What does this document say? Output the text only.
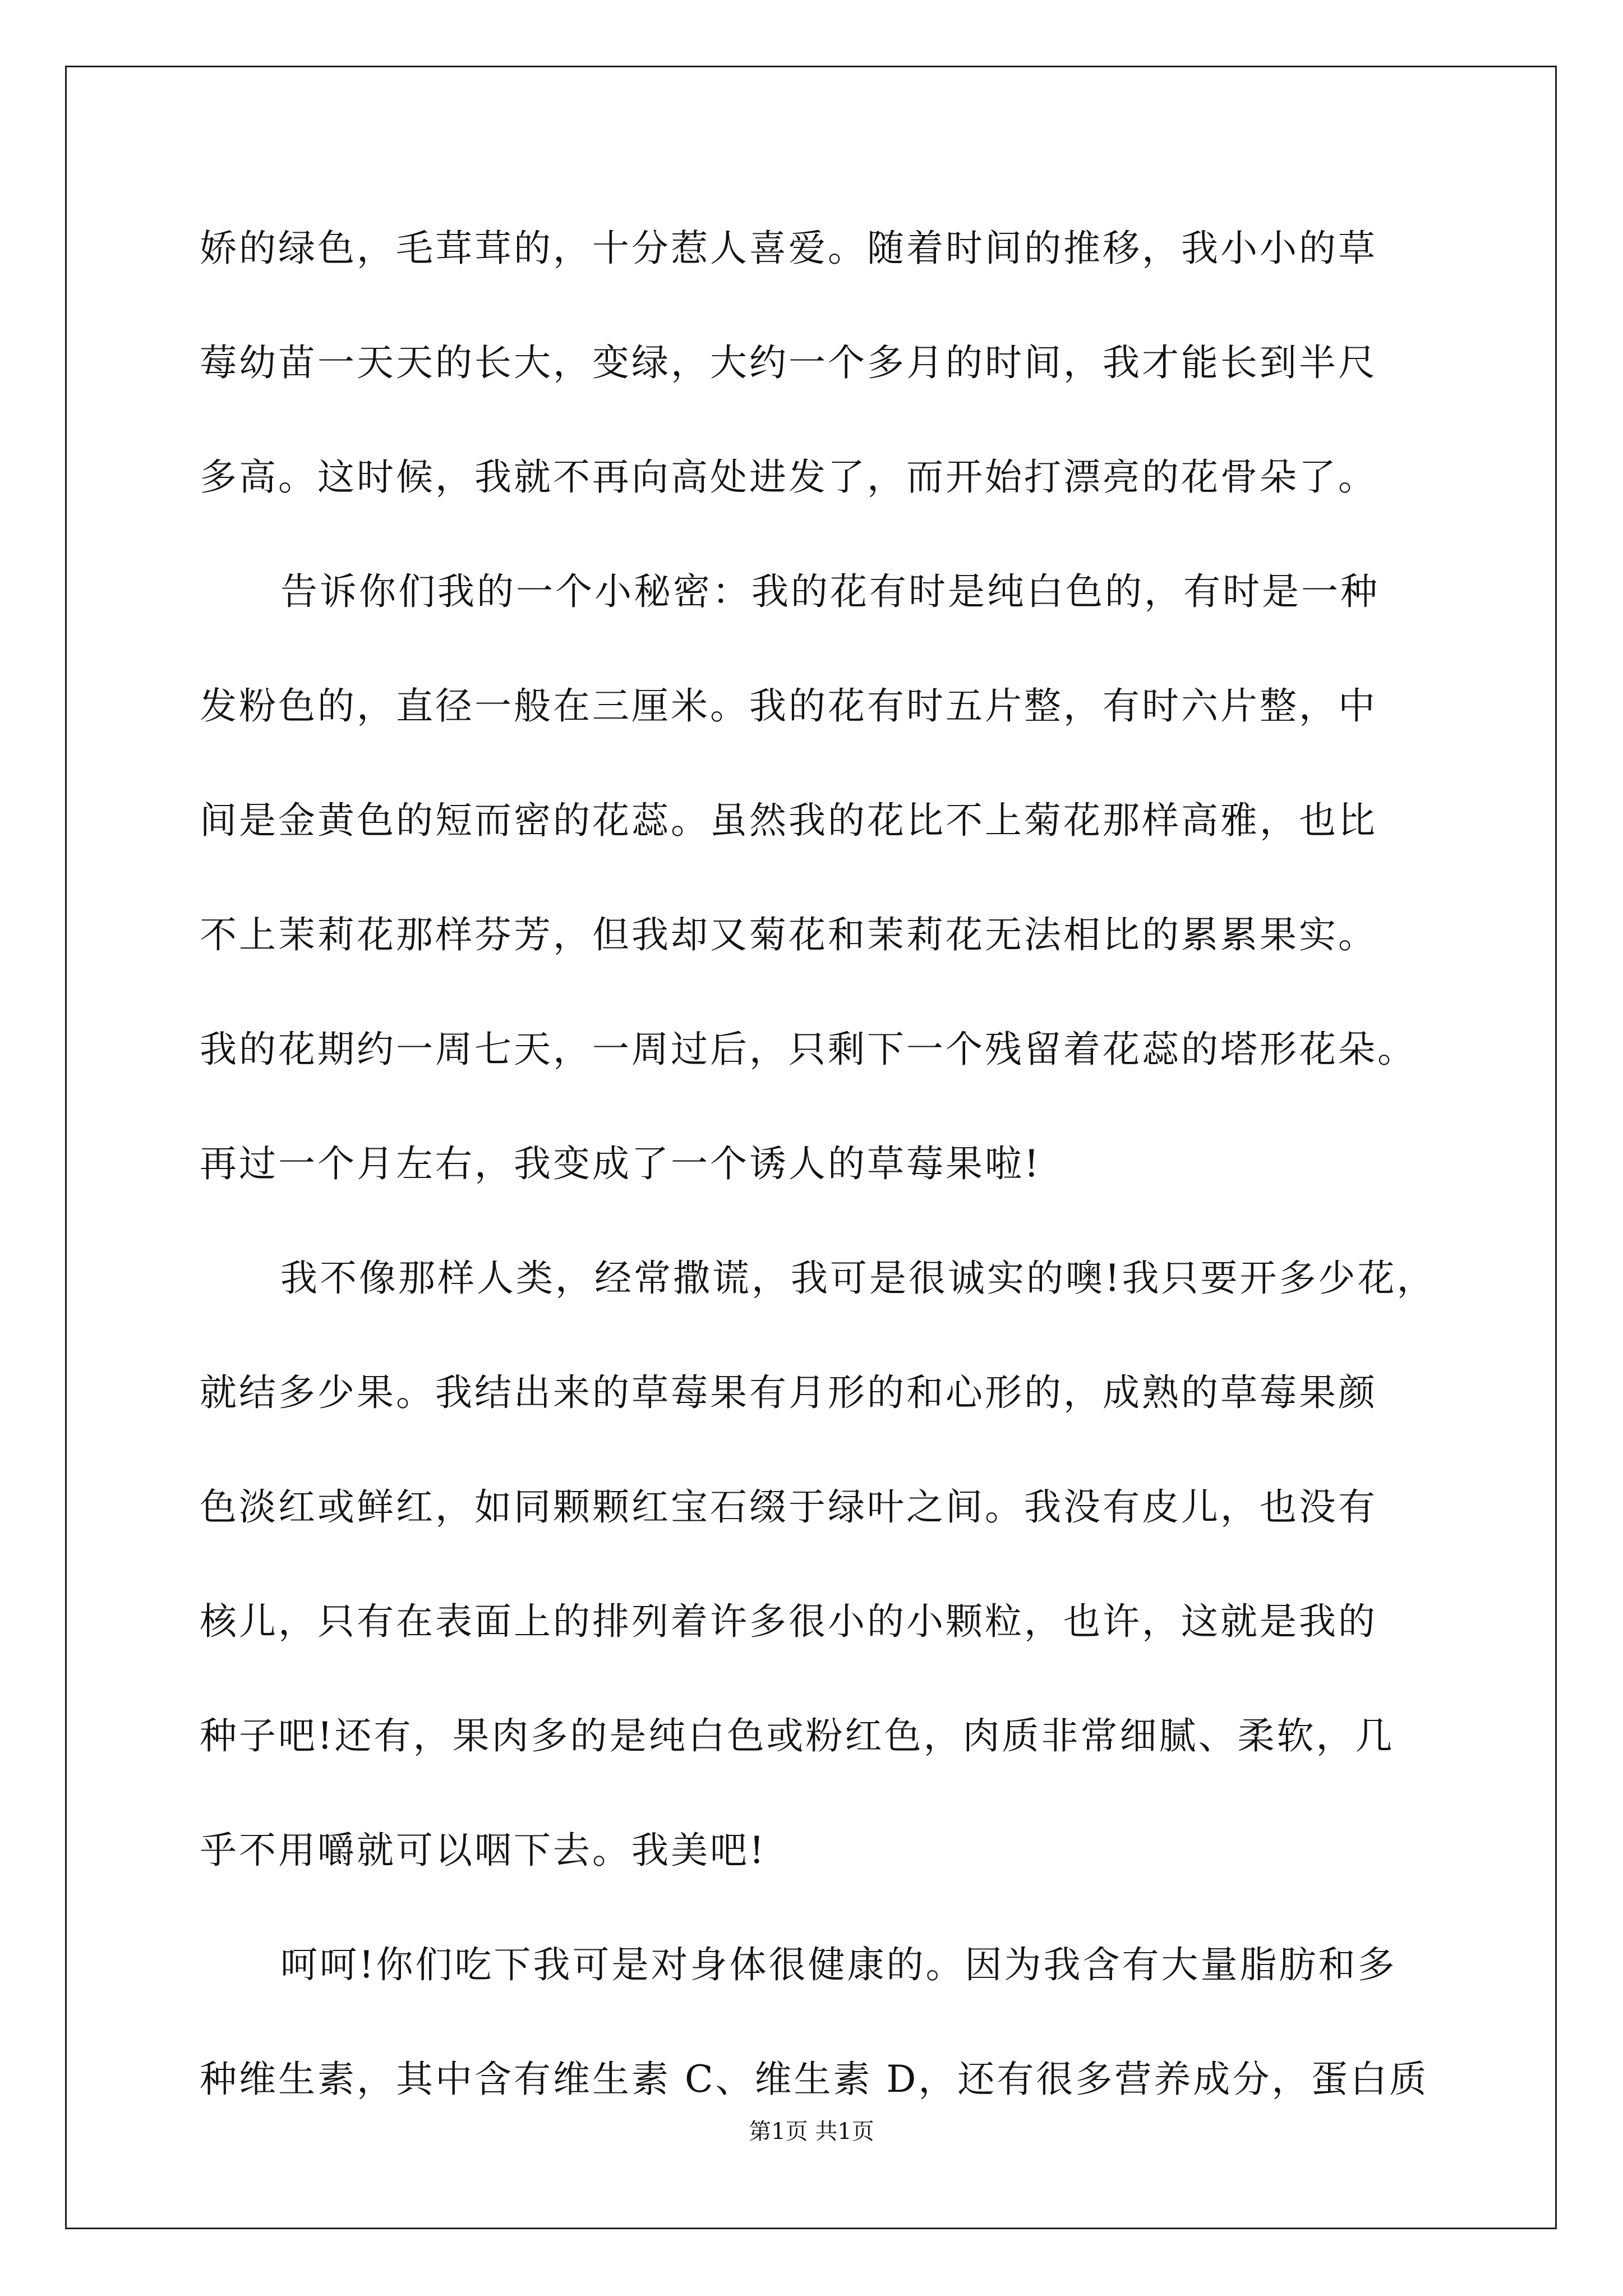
娇的绿色，毛茸茸的，十分惹人喜爱。随着时间的推移，我小小的草
莓幼苗一天天的长大，变绿，大约一个多月的时间，我才能长到半尺
多高。这时候，我就不再向高处进发了，而开始打漂亮的花骨朵了。
告诉你们我的一个小秘密：我的花有时是纯白色的，有时是一种
发粉色的，直径一般在三厘米。我的花有时五片整，有时六片整，中
间是金黄色的短而密的花蕊。虽然我的花比不上菊花那样高雅，也比
不上茉莉花那样芬芳，但我却又菊花和茉莉花无法相比的累累果实。
我的花期约一周七天，一周过后，只剩下一个残留着花蕊的塔形花朵。
再过一个月左右，我变成了一个诱人的草莓果啦!
我不像那样人类，经常撒谎，我可是很诚实的噢!我只要开多少花，
就结多少果。我结出来的草莓果有月形的和心形的，成熟的草莓果颜
色淡红或鲜红，如同颗颗红宝石缀于绿叶之间。我没有皮儿，也没有
核儿，只有在表面上的排列着许多很小的小颗粒，也许，这就是我的
种子吧!还有，果肉多的是纯白色或粉红色，肉质非常细腻、柔软，几
乎不用嚼就可以咽下去。我美吧!
呵呵!你们吃下我可是对身体很健康的。因为我含有大量脂肪和多
种维生素，其中含有维生素 C、维生素 D，还有很多营养成分，蛋白质
第1页 共1页
